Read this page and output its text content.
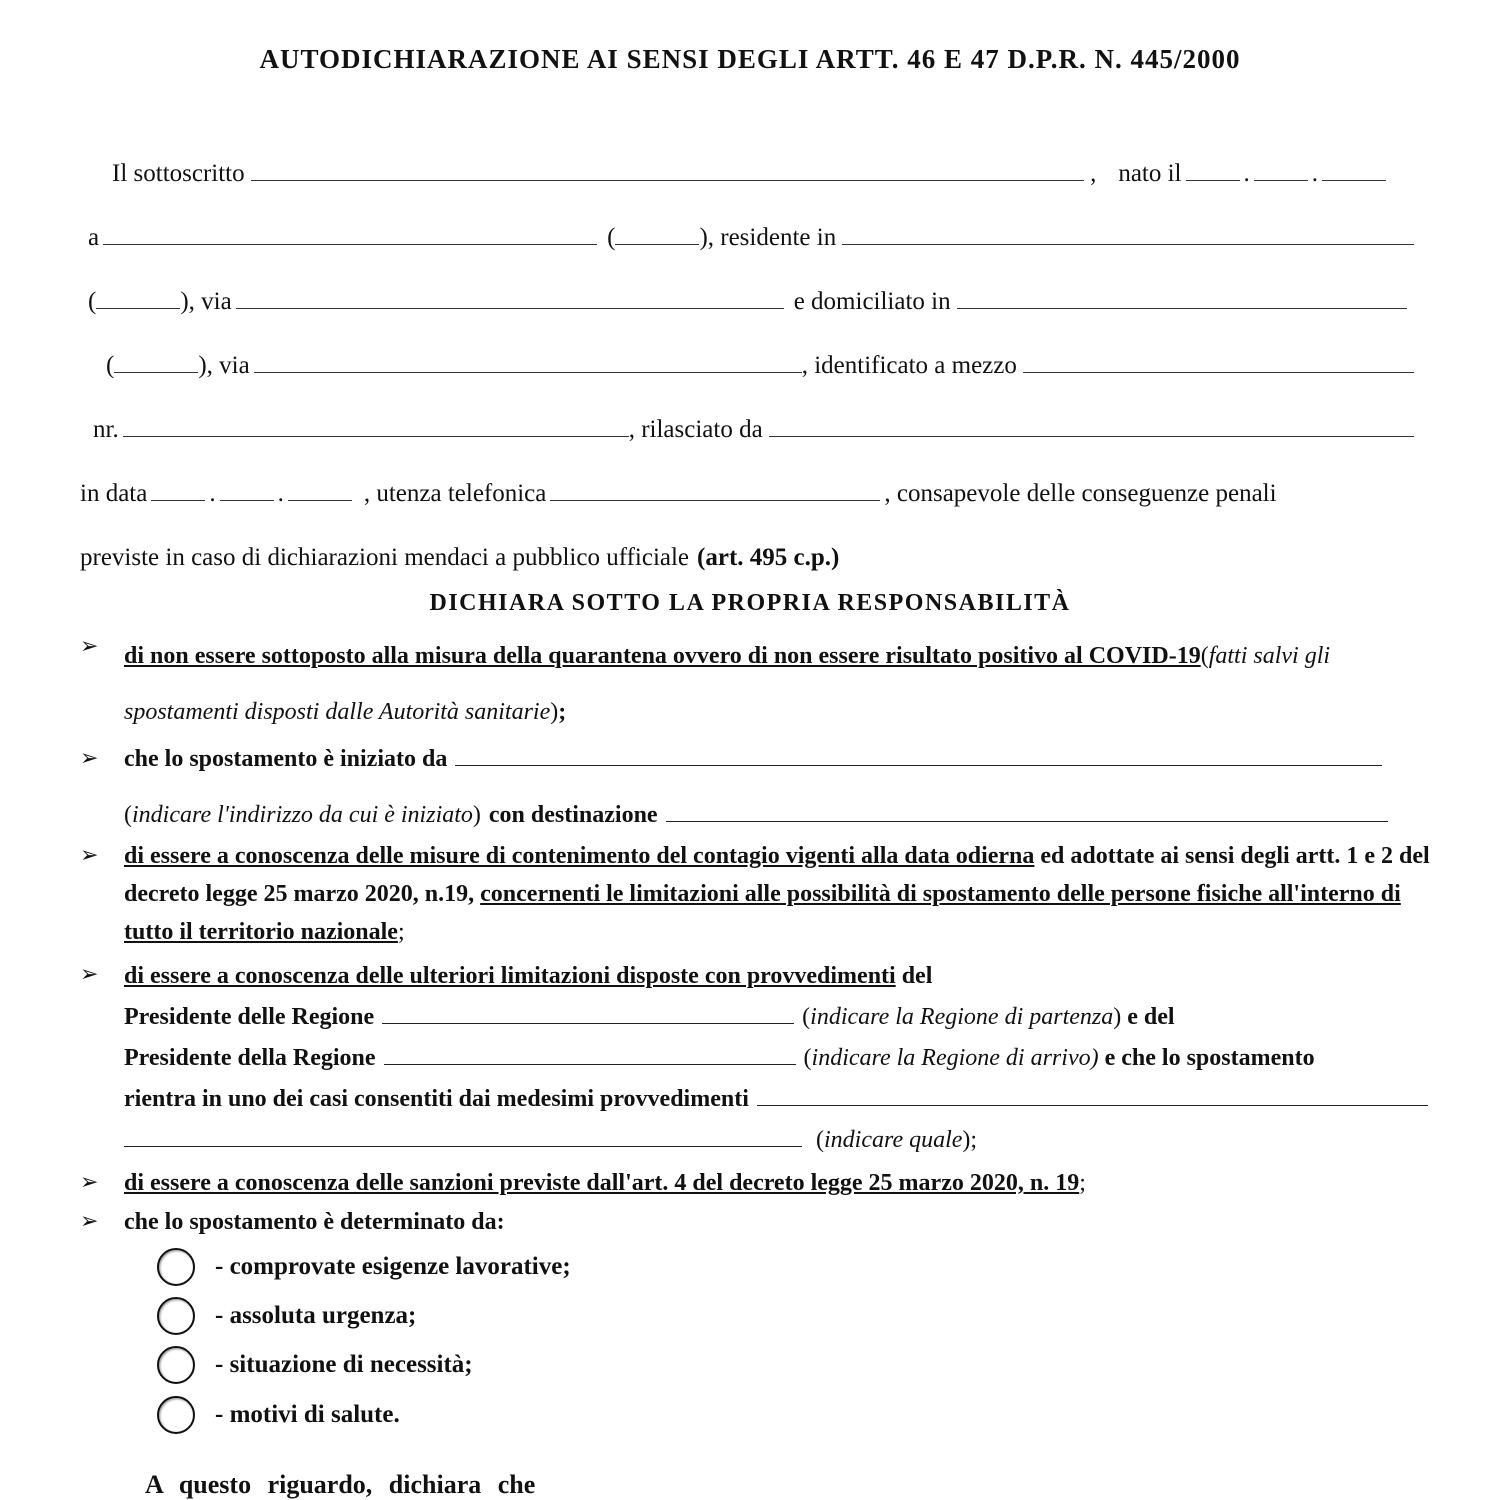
AUTODICHIARAZIONE AI SENSI DEGLI ARTT. 46 E 47 D.P.R. N. 445/2000
Il sottoscritto	, nato il . .
a	(	), residente in
(	), via	e domiciliato in
(	), via	, identificato a mezzo
nr.	, rilasciato da
in data . .	, utenza telefonica	, consapevole delle conseguenze penali
previste in caso di dichiarazioni mendaci a pubblico ufficiale (art. 495 c.p.)
DICHIARA SOTTO LA PROPRIA RESPONSABILITÀ
➢ di non essere sottoposto alla misura della quarantena ovvero di non essere risultato positivo al COVID-19(fatti salvi gli spostamenti disposti dalle Autorità sanitarie);
➢ che lo spostamento è iniziato da
( indicare l'indirizzo da cui è iniziato ) con destinazione
➢ di essere a conoscenza delle misure di contenimento del contagio vigenti alla data odierna ed adottate ai sensi degli artt. 1 e 2 del decreto legge 25 marzo 2020, n.19, concernenti le limitazioni alle possibilità di spostamento delle persone fisiche all'interno di tutto il territorio nazionale;
➢ di essere a conoscenza delle ulteriori limitazioni disposte con provvedimenti del
Presidente delle Regione	( indicare la Regione di partenza ) e del
Presidente della Regione	( indicare la Regione di arrivo) e che lo spostamento
rientra in uno dei casi consentiti dai medesimi provvedimenti
( indicare quale );
➢ di essere a conoscenza delle sanzioni previste dall'art. 4 del decreto legge 25 marzo 2020, n. 19;
➢ che lo spostamento è determinato da:
- comprovate esigenze lavorative;
- assoluta urgenza;
- situazione di necessità;
- motivi di salute.
A questo riguardo, dichiara che
